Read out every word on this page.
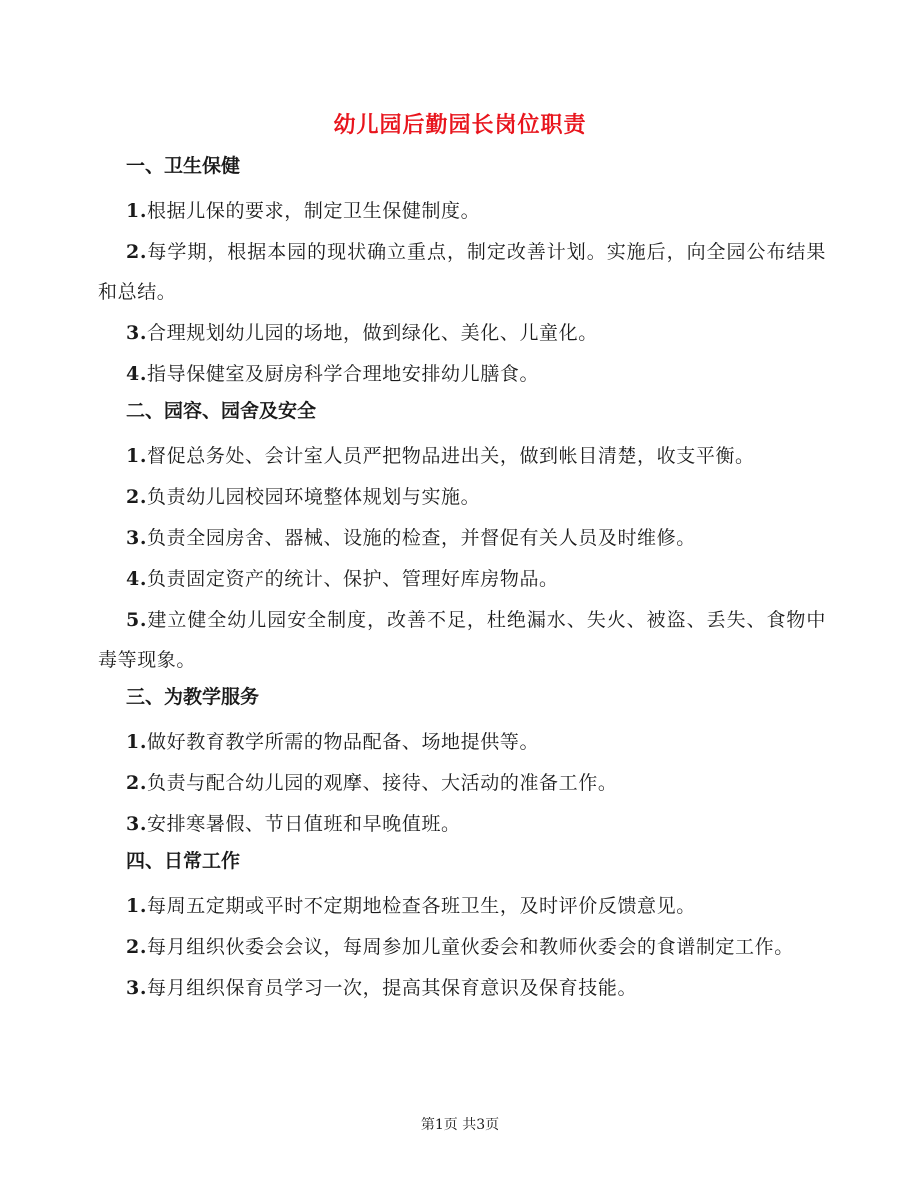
幼儿园后勤园长岗位职责
一、卫生保健

1.根据儿保的要求，制定卫生保健制度。

2.每学期，根据本园的现状确立重点，制定改善计划。实施后，向全园公布结果和总结。

3.合理规划幼儿园的场地，做到绿化、美化、儿童化。

4.指导保健室及厨房科学合理地安排幼儿膳食。

二、园容、园舍及安全

1.督促总务处、会计室人员严把物品进出关，做到帐目清楚，收支平衡。

2.负责幼儿园校园环境整体规划与实施。

3.负责全园房舍、器械、设施的检查，并督促有关人员及时维修。

4.负责固定资产的统计、保护、管理好库房物品。

5.建立健全幼儿园安全制度，改善不足，杜绝漏水、失火、被盗、丢失、食物中毒等现象。

三、为教学服务

1.做好教育教学所需的物品配备、场地提供等。

2.负责与配合幼儿园的观摩、接待、大活动的准备工作。

3.安排寒暑假、节日值班和早晚值班。

四、日常工作

1.每周五定期或平时不定期地检查各班卫生，及时评价反馈意见。

2.每月组织伙委会会议，每周参加儿童伙委会和教师伙委会的食谱制定工作。

3.每月组织保育员学习一次，提高其保育意识及保育技能。

第1页 共3页
